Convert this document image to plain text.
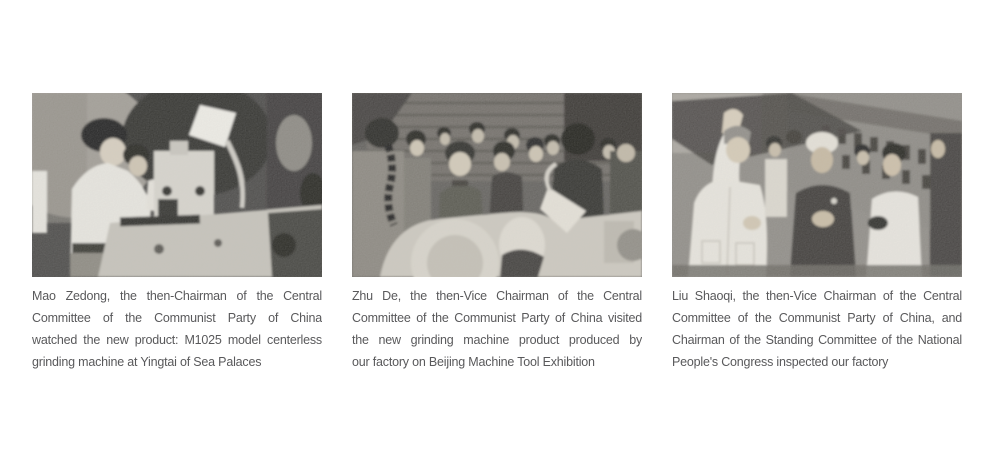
Mao Zedong, the then-Chairman of the Central
Committee of the Communist Party of China
watched the new product: M1025 model centerless
grinding machine at Yingtai of Sea Palaces
Zhu De, the then-Vice Chairman of the Central
Committee of the Communist Party of China visited
the new grinding machine product produced by
our factory on Beijing Machine Tool Exhibition
Liu Shaoqi, the then-Vice Chairman of the Central
Committee of the Communist Party of China, and
Chairman of the Standing Committee of the National
People's Congress inspected our factory
